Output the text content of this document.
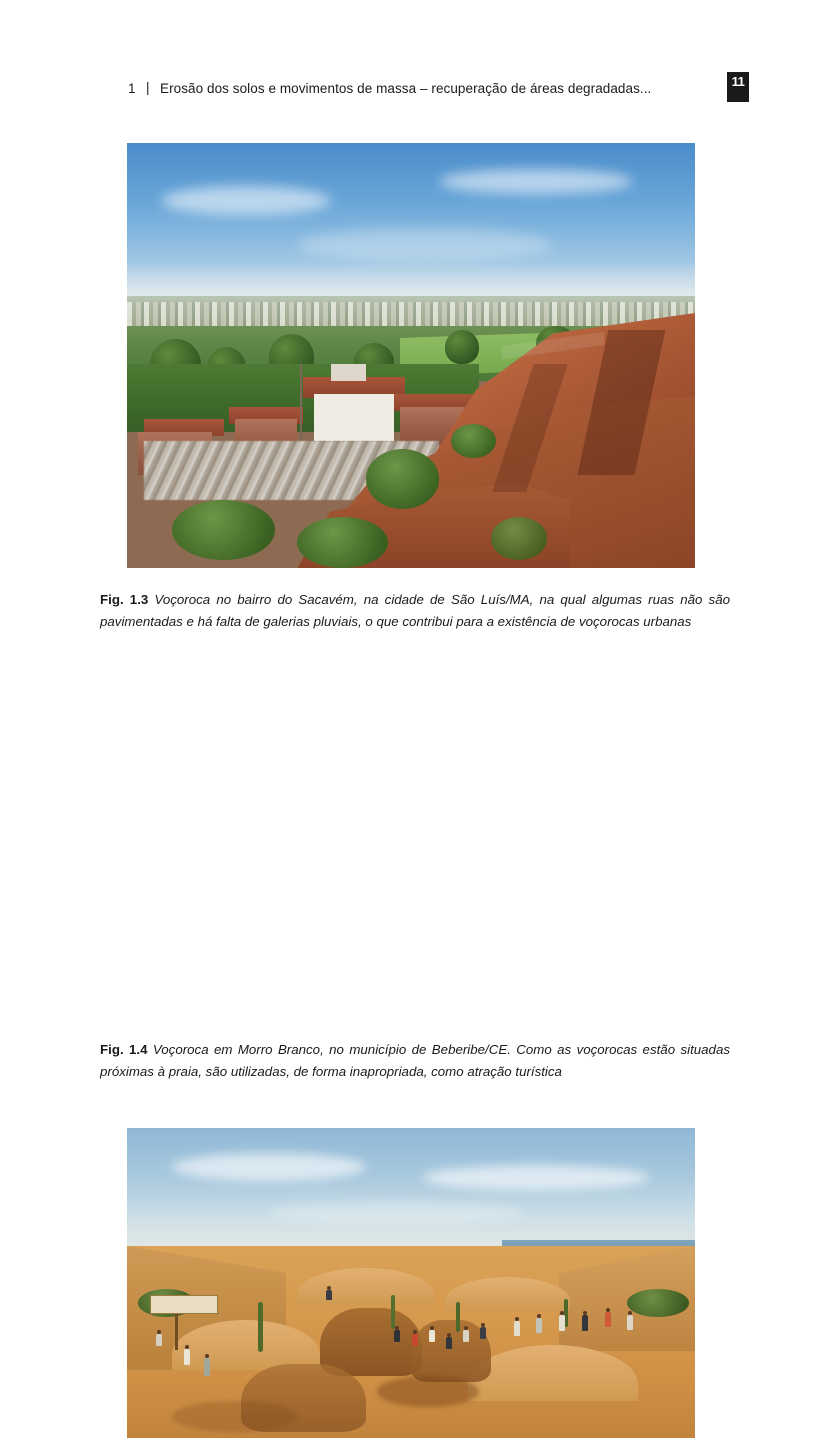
1 | Erosão dos solos e movimentos de massa – recuperação de áreas degradadas...	11
Fig. 1.3 Voçoroca no bairro do Sacavém, na cidade de São Luís/MA, na qual algumas ruas não são pavimentadas e há falta de galerias pluviais, o que contribui para a existência de voçorocas urbanas
Fig. 1.4 Voçoroca em Morro Branco, no município de Beberibe/CE. Como as voçorocas estão situadas próximas à praia, são utilizadas, de forma inapropriada, como atração turística
